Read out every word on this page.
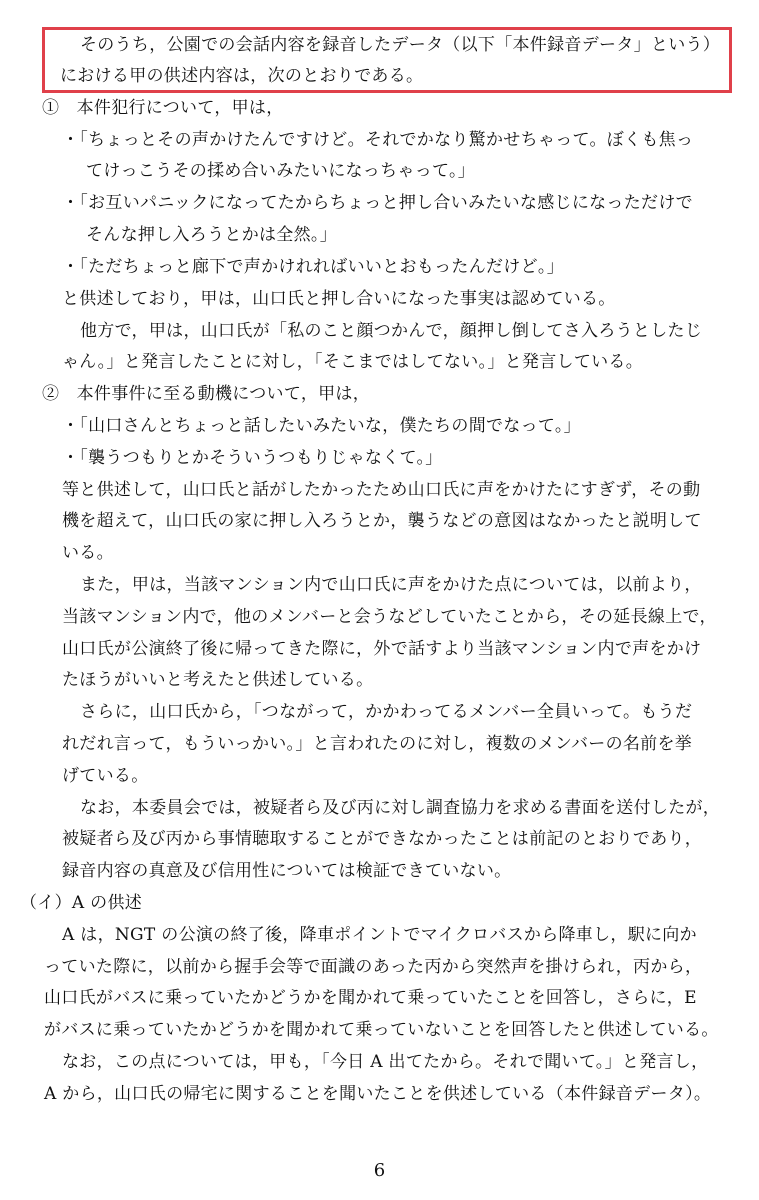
そのうち，公園での会話内容を録音したデータ（以下「本件録音データ」という）
における甲の供述内容は，次のとおりである。
①　本件犯行について，甲は，
・「ちょっとその声かけたんですけど。それでかなり驚かせちゃって。ぼくも焦っ
てけっこうその揉め合いみたいになっちゃって。」
・「お互いパニックになってたからちょっと押し合いみたいな感じになっただけで
そんな押し入ろうとかは全然。」
・「ただちょっと廊下で声かけれればいいとおもったんだけど。」
と供述しており，甲は，山口氏と押し合いになった事実は認めている。
他方で，甲は，山口氏が「私のこと顔つかんで，顔押し倒してさ入ろうとしたじ
ゃん。」と発言したことに対し，「そこまではしてない。」と発言している。
②　本件事件に至る動機について，甲は，
・「山口さんとちょっと話したいみたいな，僕たちの間でなって。」
・「襲うつもりとかそういうつもりじゃなくて。」
等と供述して，山口氏と話がしたかったため山口氏に声をかけたにすぎず，その動
機を超えて，山口氏の家に押し入ろうとか，襲うなどの意図はなかったと説明して
いる。
また，甲は，当該マンション内で山口氏に声をかけた点については，以前より，
当該マンション内で，他のメンバーと会うなどしていたことから，その延長線上で，
山口氏が公演終了後に帰ってきた際に，外で話すより当該マンション内で声をかけ
たほうがいいと考えたと供述している。
さらに，山口氏から，「つながって，かかわってるメンバー全員いって。もうだ
れだれ言って，もういっかい。」と言われたのに対し，複数のメンバーの名前を挙
げている。
なお，本委員会では，被疑者ら及び丙に対し調査協力を求める書面を送付したが，
被疑者ら及び丙から事情聴取することができなかったことは前記のとおりであり，
録音内容の真意及び信用性については検証できていない。
（イ）A の供述
A は，NGT の公演の終了後，降車ポイントでマイクロバスから降車し，駅に向か
っていた際に，以前から握手会等で面識のあった丙から突然声を掛けられ，丙から，
山口氏がバスに乗っていたかどうかを聞かれて乗っていたことを回答し，さらに，E
がバスに乗っていたかどうかを聞かれて乗っていないことを回答したと供述している。
なお，この点については，甲も，「今日 A 出てたから。それで聞いて。」と発言し，
A から，山口氏の帰宅に関することを聞いたことを供述している（本件録音データ）。
6
